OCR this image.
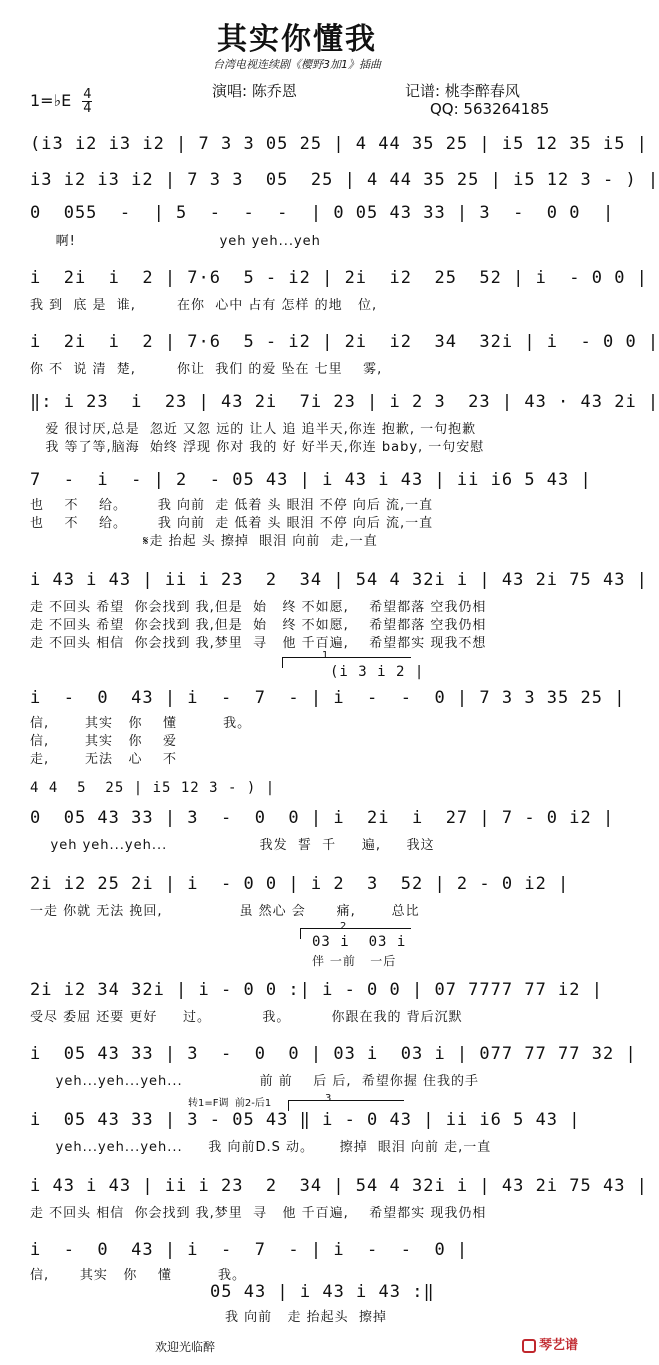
其实你懂我
台湾电视连续剧《樱野3加1》插曲
1=♭E $\frac{4}{4}$	演唱: 陈乔恩	记谱: 桃李醉春风
QQ: 563264185
(i3 i2 i3 i2 | 7 3 3 05 25 | 4 44 35 25 | i5 12 35 i5 |
i3 i2 i3 i2 | 7 3 3  05  25 | 4 44 35 25 | i5 12 3 - ) |
0  055  -  | 5  -  -  -  | 0 05 43 33 | 3  -  0 0  |
啊!                            yeh yeh...yeh
i  2i  i  2 | 7·6  5 - i2 | 2i  i2  25  52 | i  - 0 0 |
我 到  底 是  谁,        在你  心中 占有 怎样 的地   位,
i  2i  i  2 | 7·6  5 - i2 | 2i  i2  34  32i | i  - 0 0 |
你 不  说 清  楚,        你让  我们 的爱 坠在 七里    雾,
‖: i 23  i  23 | 43 2i  7i 23 | i 2 3  23 | 43 · 43 2i |
爱 很讨厌,总是  忽近 又忽 远的 让人 追 追半天,你连 抱歉, 一句抱歉
我 等了等,脑海  始终 浮现 你对 我的 好 好半天,你连 baby, 一句安慰
7  -  i  - | 2  - 05 43 | i 43 i 43 | ii i6 5 43 |
也    不    给。      我 向前  走 低着 头 眼泪 不停 向后 流,一直
也    不    给。      我 向前  走 低着 头 眼泪 不停 向后 流,一直
𝄋走 抬起 头 擦掉  眼泪 向前  走,一直
i 43 i 43 | ii i 23  2  34 | 54 4 32i i | 43 2i 75 43 |
走 不回头 希望  你会找到 我,但是  始   终 不如愿,    希望都落 空我仍相
走 不回头 希望  你会找到 我,但是  始   终 不如愿,    希望都落 空我仍相
走 不回头 相信  你会找到 我,梦里  寻   他 千百遍,    希望都实 现我不想
1
(i 3 i 2 |
i  -  0  43 | i  -  7  - | i  -  -  0 | 7 3 3 35 25 |
信,       其实   你    懂         我。
信,       其实   你    爱
走,       无法   心    不
4 4  5  25 | i5 12 3 - ) |
0  05 43 33 | 3  -  0  0 | i  2i  i  27 | 7 - 0 i2 |
yeh yeh...yeh...                  我发  誓  千     遍,     我这
2i i2 25 2i | i  - 0 0 | i 2  3  52 | 2 - 0 i2 |
一走 你就 无法 挽回,               虽 然心 会      痛,       总比
2
03 i  03 i
伴 一前   一后
2i i2 34 32i | i - 0 0 :| i - 0 0 | 07 7777 77 i2 |
受尽 委屈 还要 更好     过。          我。        你跟在我的 背后沉默
i  05 43 33 | 3  -  0  0 | 03 i  03 i | 077 77 77 32 |
yeh...yeh...yeh...               前 前    后 后,  希望你握 住我的手
转1=F调  前2-后1	3
i  05 43 33 | 3 - 05 43 ‖ i - 0 43 | ii i6 5 43 |
yeh...yeh...yeh...     我 向前D.S 动。     擦掉  眼泪 向前 走,一直
i 43 i 43 | ii i 23  2  34 | 54 4 32i i | 43 2i 75 43 |
走 不回头 相信  你会找到 我,梦里  寻   他 千百遍,    希望都实 现我仍相
i  -  0  43 | i  -  7  - | i  -  -  0 |
信,      其实   你    懂         我。
05 43 | i 43 i 43 :‖
我 向前   走 抬起头  擦掉
欢迎光临醉	琴艺谱
